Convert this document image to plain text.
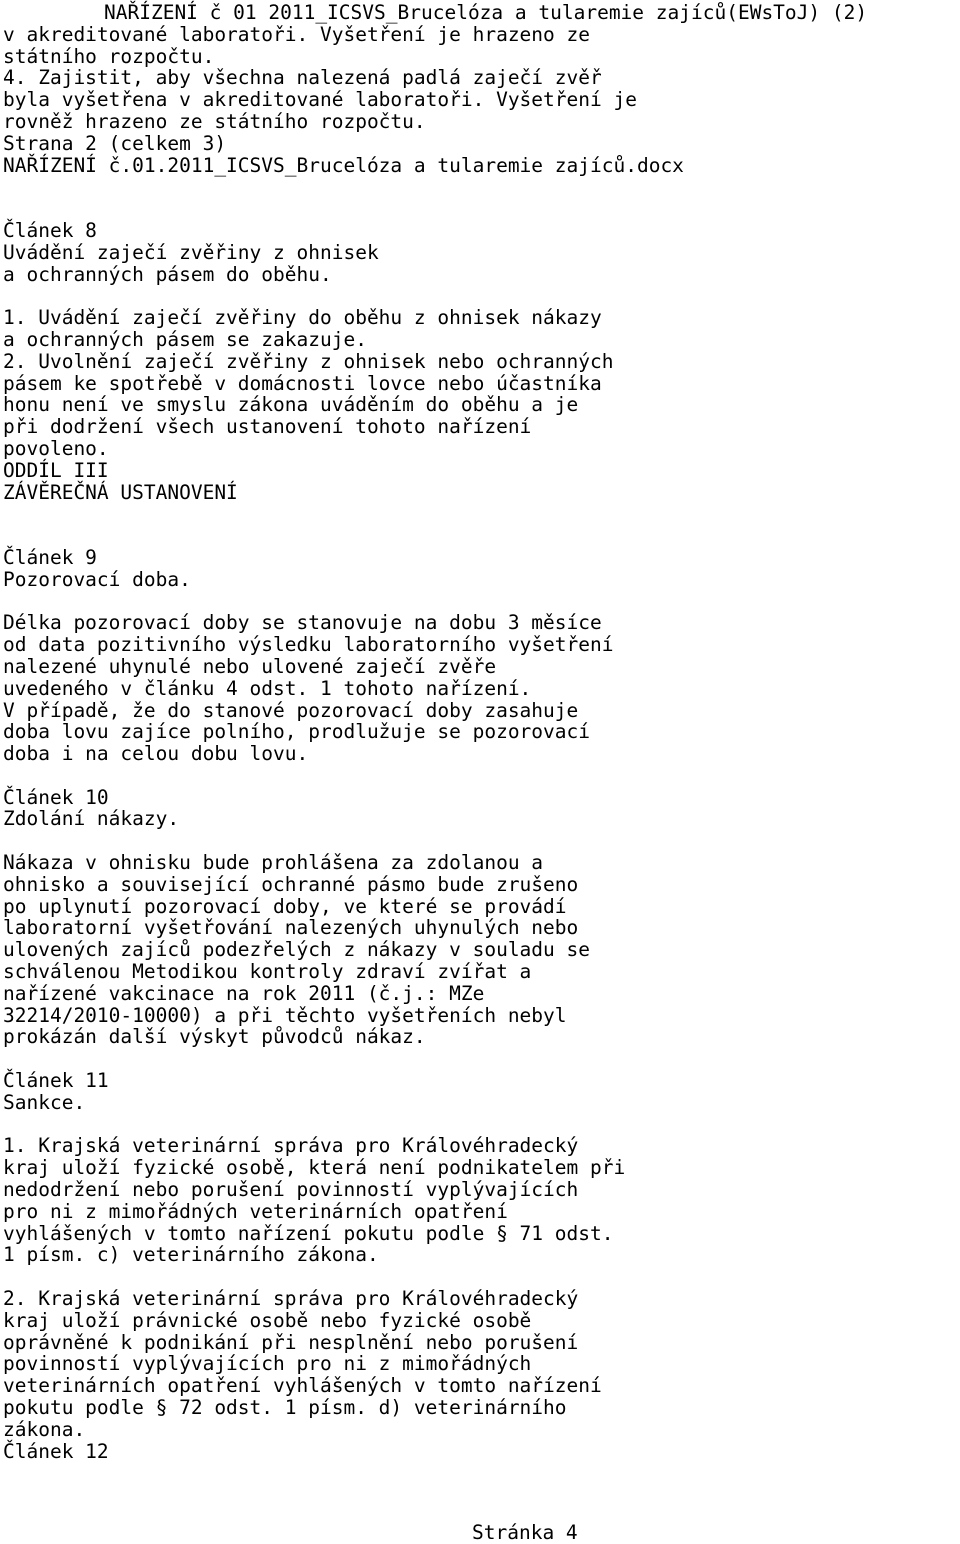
NAŘÍZENÍ č 01 2011_ICSVS_Brucelóza a tularemie zajíců(EWsToJ) (2)
v akreditované laboratoři. Vyšetření je hrazeno ze
státního rozpočtu.
4. Zajistit, aby všechna nalezená padlá zaječí zvěř
byla vyšetřena v akreditované laboratoři. Vyšetření je
rovněž hrazeno ze státního rozpočtu.
Strana 2 (celkem 3)
NAŘÍZENÍ č.01.2011_ICSVS_Brucelóza a tularemie zajíců.docx
Článek 8
Uvádění zaječí zvěřiny z ohnisek
a ochranných pásem do oběhu.
1. Uvádění zaječí zvěřiny do oběhu z ohnisek nákazy
a ochranných pásem se zakazuje.
2. Uvolnění zaječí zvěřiny z ohnisek nebo ochranných
pásem ke spotřebě v domácnosti lovce nebo účastníka
honu není ve smyslu zákona uváděním do oběhu a je
při dodržení všech ustanovení tohoto nařízení
povoleno.
ODDÍL III
ZÁVĚREČNÁ USTANOVENÍ
Článek 9
Pozorovací doba.
Délka pozorovací doby se stanovuje na dobu 3 měsíce
od data pozitivního výsledku laboratorního vyšetření
nalezené uhynulé nebo ulovené zaječí zvěře
uvedeného v článku 4 odst. 1 tohoto nařízení.
V případě, že do stanové pozorovací doby zasahuje
doba lovu zajíce polního, prodlužuje se pozorovací
doba i na celou dobu lovu.
Článek 10
Zdolání nákazy.
Nákaza v ohnisku bude prohlášena za zdolanou a
ohnisko a související ochranné pásmo bude zrušeno
po uplynutí pozorovací doby, ve které se provádí
laboratorní vyšetřování nalezených uhynulých nebo
ulovených zajíců podezřelých z nákazy v souladu se
schválenou Metodikou kontroly zdraví zvířat a
nařízené vakcinace na rok 2011 (č.j.: MZe
32214/2010-10000) a při těchto vyšetřeních nebyl
prokázán další výskyt původců nákaz.
Článek 11
Sankce.
1. Krajská veterinární správa pro Královéhradecký
kraj uloží fyzické osobě, která není podnikatelem při
nedodržení nebo porušení povinností vyplývajících
pro ni z mimořádných veterinárních opatření
vyhlášených v tomto nařízení pokutu podle § 71 odst.
1 písm. c) veterinárního zákona.
2. Krajská veterinární správa pro Královéhradecký
kraj uloží právnické osobě nebo fyzické osobě
oprávněné k podnikání při nesplnění nebo porušení
povinností vyplývajících pro ni z mimořádných
veterinárních opatření vyhlášených v tomto nařízení
pokutu podle § 72 odst. 1 písm. d) veterinárního
zákona.
Článek 12
Stránka 4
